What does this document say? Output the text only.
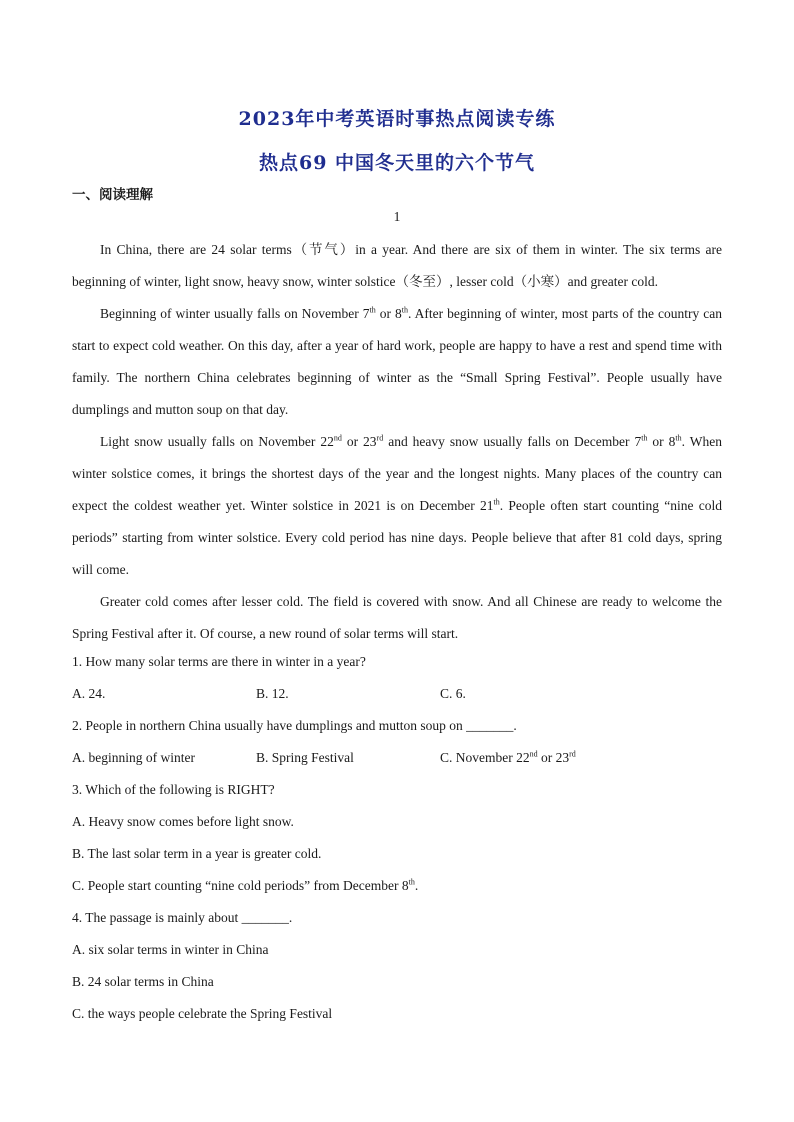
2023年中考英语时事热点阅读专练
热点69 中国冬天里的六个节气
一、阅读理解
1

In China, there are 24 solar terms（节气）in a year. And there are six of them in winter. The six terms are beginning of winter, light snow, heavy snow, winter solstice（冬至）, lesser cold（小寒）and greater cold.

Beginning of winter usually falls on November 7th or 8th. After beginning of winter, most parts of the country can start to expect cold weather. On this day, after a year of hard work, people are happy to have a rest and spend time with family. The northern China celebrates beginning of winter as the “Small Spring Festival”. People usually have dumplings and mutton soup on that day.

Light snow usually falls on November 22nd or 23rd and heavy snow usually falls on December 7th or 8th. When winter solstice comes, it brings the shortest days of the year and the longest nights. Many places of the country can expect the coldest weather yet. Winter solstice in 2021 is on December 21th. People often start counting “nine cold periods” starting from winter solstice. Every cold period has nine days. People believe that after 81 cold days, spring will come.

Greater cold comes after lesser cold. The field is covered with snow. And all Chinese are ready to welcome the Spring Festival after it. Of course, a new round of solar terms will start.

1. How many solar terms are there in winter in a year?
A. 24.	B. 12.	C. 6.
2. People in northern China usually have dumplings and mutton soup on _______.
A. beginning of winter	B. Spring Festival	C. November 22nd or 23rd
3. Which of the following is RIGHT?
A. Heavy snow comes before light snow.
B. The last solar term in a year is greater cold.
C. People start counting “nine cold periods” from December 8th.
4. The passage is mainly about _______.
A. six solar terms in winter in China
B. 24 solar terms in China
C. the ways people celebrate the Spring Festival
